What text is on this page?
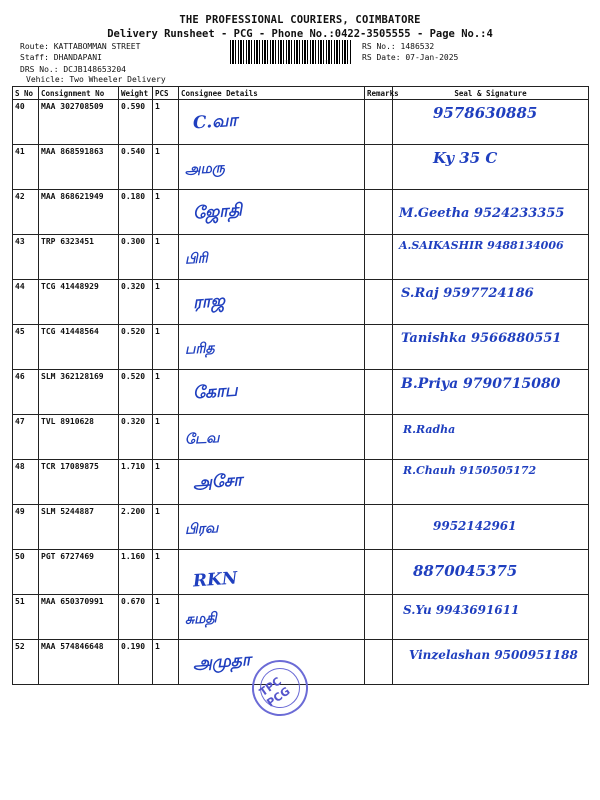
THE PROFESSIONAL COURIERS, COIMBATORE
Delivery Runsheet - PCG - Phone No.:0422-3505555 - Page No.:4
Route: KATTABOMMAN STREET
Staff: DHANDAPANI
DRS No.: DCJB148653204
Vehicle: Two Wheeler Delivery
RS No.: 1486532
RS Date: 07-Jan-2025
S No	Consignment No	Weight	PCS	Consignee Details	Remarks	Seal & Signature
40	MAA 302708509	0.590	1	C.வா		9578630885

41	MAA 868591863	0.540	1	அமரு		Ky 35 C

42	MAA 868621949	0.180	1	ஜோதி		M.Geetha 9524233355

43	TRP 6323451	0.300	1	பிரி		A.SAIKASHIR 9488134006

44	TCG 41448929	0.320	1	ராஜ		S.Raj 9597724186

45	TCG 41448564	0.520	1	பரித		Tanishka 9566880551

46	SLM 362128169	0.520	1	கோப		B.Priya 9790715080

47	TVL 8910628	0.320	1	டேவ		R.Radha

48	TCR 17089875	1.710	1	அசோ		R.Chauh 9150505172

49	SLM 5244887	2.200	1	பிரவ		9952142961

50	PGT 6727469	1.160	1	RKN		8870045375

51	MAA 650370991	0.670	1	சுமதி		S.Yu 9943691611

52	MAA 574846648	0.190	1	அமுதா		Vinzelashan 9500951188
TPC PCG
